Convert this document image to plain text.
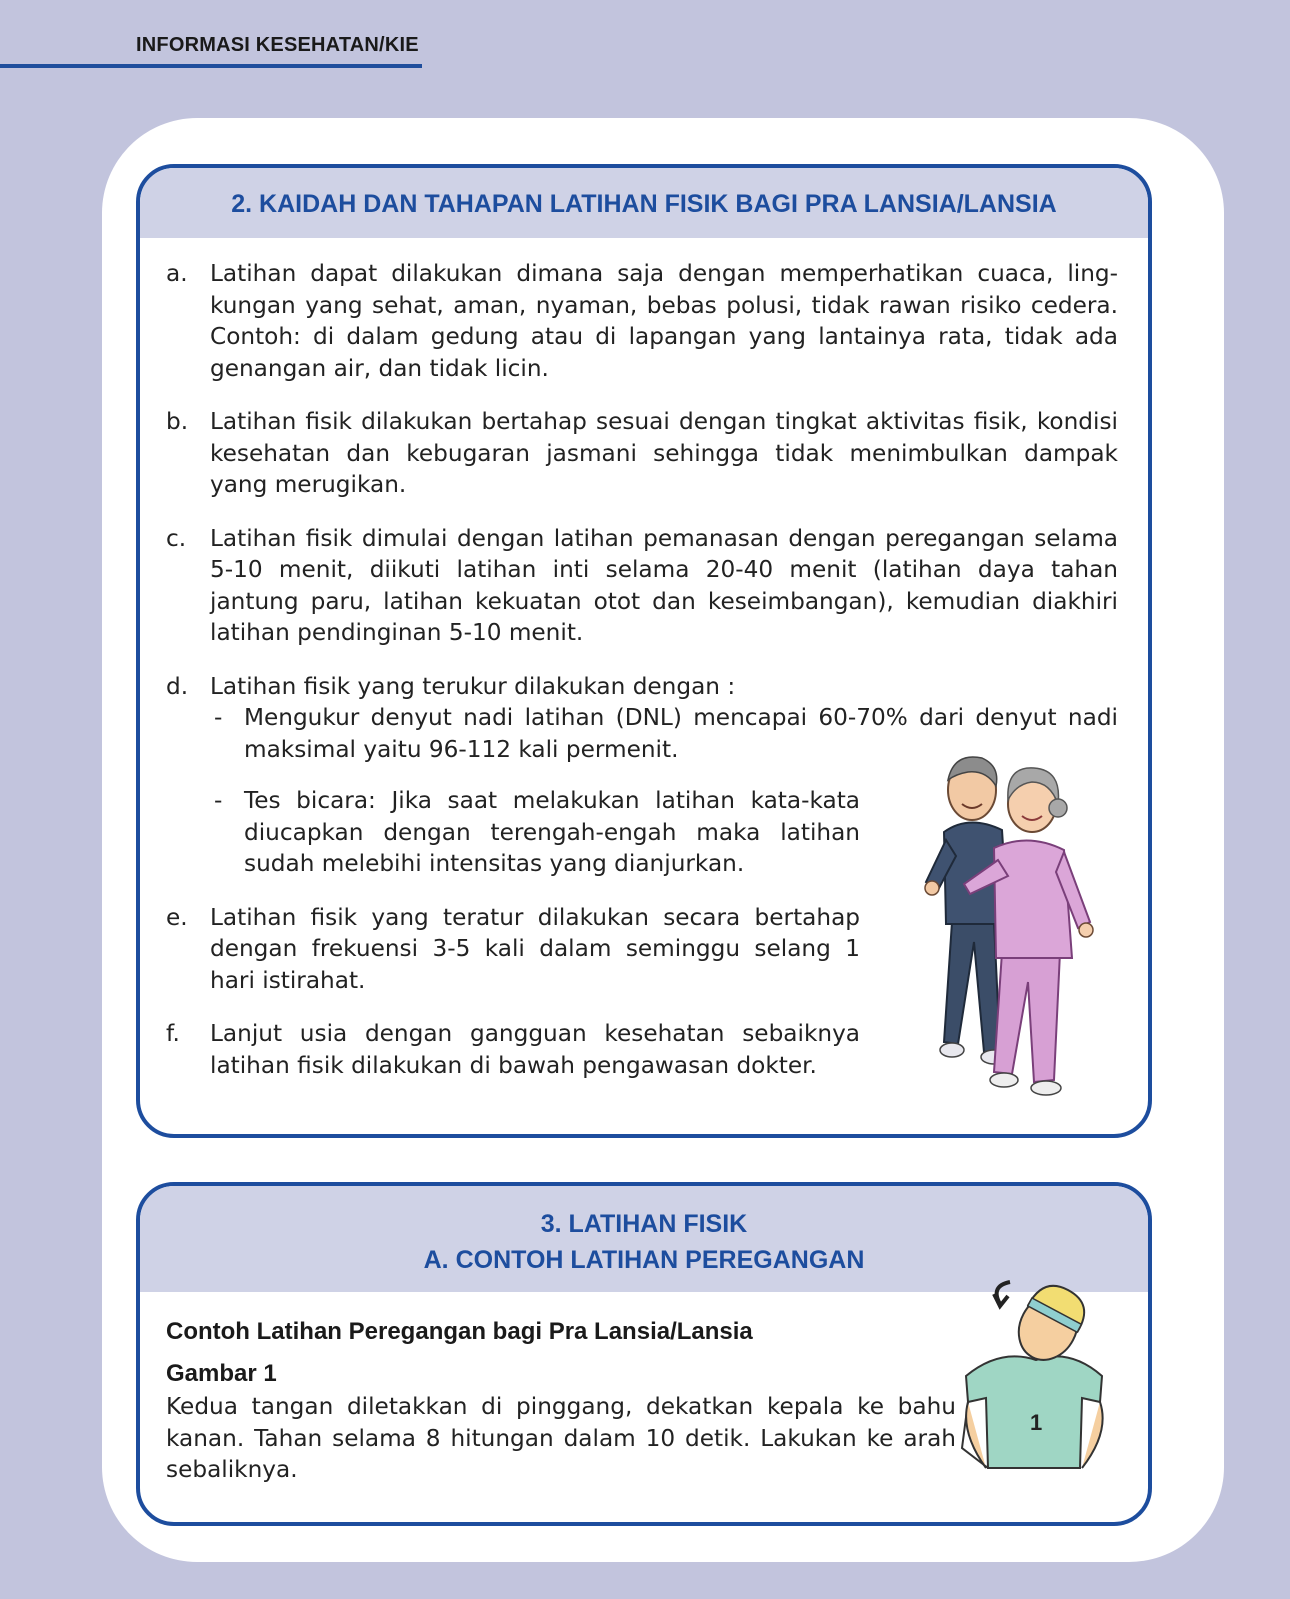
INFORMASI KESEHATAN/KIE
2. KAIDAH DAN TAHAPAN LATIHAN FISIK BAGI PRA LANSIA/LANSIA
a. Latihan dapat dilakukan dimana saja dengan memperhatikan cuaca, ling-kungan yang sehat, aman, nyaman, bebas polusi, tidak rawan risiko cedera. Contoh: di dalam gedung atau di lapangan yang lantainya rata, tidak ada genangan air, dan tidak licin.
b. Latihan fisik dilakukan bertahap sesuai dengan tingkat aktivitas fisik, kondisi kesehatan dan kebugaran jasmani sehingga tidak menimbulkan dampak yang merugikan.
c. Latihan fisik dimulai dengan latihan pemanasan dengan peregangan selama 5-10 menit, diikuti latihan inti selama 20-40 menit (latihan daya tahan jantung paru, latihan kekuatan otot dan keseimbangan), kemudian diakhiri latihan pendinginan 5-10 menit.
d. Latihan fisik yang terukur dilakukan dengan :
- Mengukur denyut nadi latihan (DNL) mencapai 60-70% dari denyut nadi maksimal yaitu 96-112 kali permenit.
- Tes bicara: Jika saat melakukan latihan kata-kata diucapkan dengan terengah-engah maka latihan sudah melebihi intensitas yang dianjurkan.
e. Latihan fisik yang teratur dilakukan secara bertahap dengan frekuensi 3-5 kali dalam seminggu selang 1 hari istirahat.
f. Lanjut usia dengan gangguan kesehatan sebaiknya latihan fisik dilakukan di bawah pengawasan dokter.
3. LATIHAN FISIK
A. CONTOH LATIHAN PEREGANGAN
Contoh Latihan Peregangan bagi Pra Lansia/Lansia
Gambar 1
Kedua tangan diletakkan di pinggang, dekatkan kepala ke bahu kanan. Tahan selama 8 hitungan dalam 10 detik. Lakukan ke arah sebaliknya.
1
